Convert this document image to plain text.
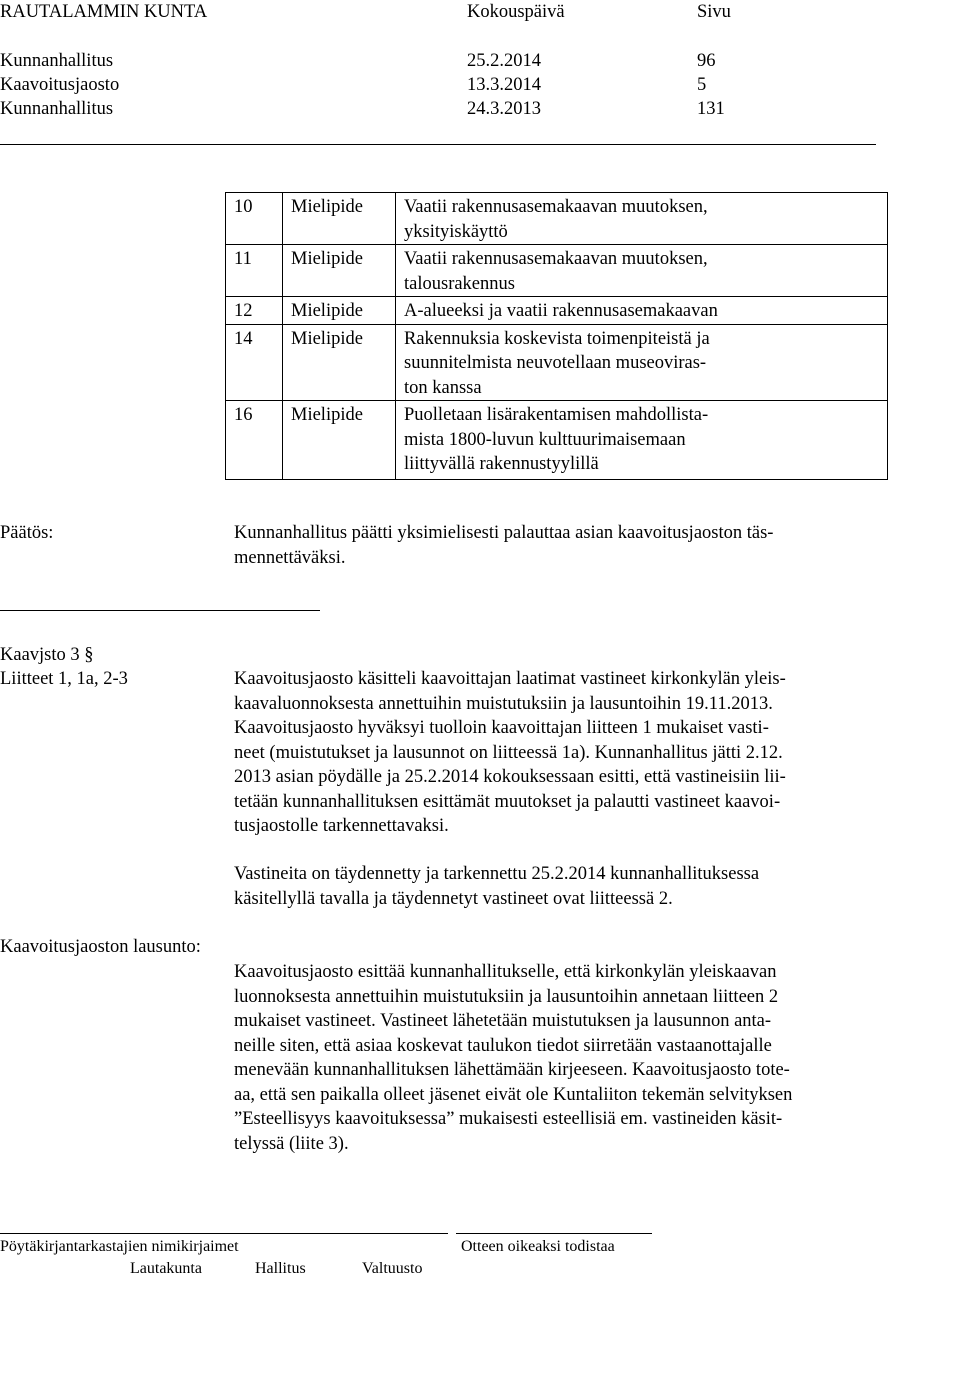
RAUTALAMMIN KUNTA	Kokouspäivä	Sivu
Kunnanhallitus	25.2.2014	96
Kaavoitusjaosto	13.3.2014	5
Kunnanhallitus	24.3.2013	131
10	Mielipide	Vaatii rakennusasemakaavan muutoksen,
yksityiskäyttö

11	Mielipide	Vaatii rakennusasemakaavan muutoksen,
talousrakennus

12	Mielipide	A-alueeksi ja vaatii rakennusasemakaavan

14	Mielipide	Rakennuksia koskevista toimenpiteistä ja
suunnitelmista neuvotellaan museoviras-
ton kanssa

16	Mielipide	Puolletaan lisärakentamisen mahdollista-
mista 1800-luvun kulttuurimaisemaan
liittyvällä rakennustyylillä
Päätös:	Kunnanhallitus päätti yksimielisesti palauttaa asian kaavoitusjaoston täs-
mennettäväksi.
Kaavjsto 3 §
Liitteet 1, 1a, 2-3	Kaavoitusjaosto käsitteli kaavoittajan laatimat vastineet kirkonkylän yleis-
kaavaluonnoksesta annettuihin muistutuksiin ja lausuntoihin 19.11.2013.
Kaavoitusjaosto hyväksyi tuolloin kaavoittajan liitteen 1 mukaiset vasti-
neet (muistutukset ja lausunnot on liitteessä 1a). Kunnanhallitus jätti 2.12.
2013 asian pöydälle ja 25.2.2014 kokouksessaan esitti, että vastineisiin lii-
tetään kunnanhallituksen esittämät muutokset ja palautti vastineet kaavoi-
tusjaostolle tarkennettavaksi.
Vastineita on täydennetty ja tarkennettu 25.2.2014 kunnanhallituksessa
käsitellyllä tavalla ja täydennetyt vastineet ovat liitteessä 2.
Kaavoitusjaoston lausunto:
Kaavoitusjaosto esittää kunnanhallitukselle, että kirkonkylän yleiskaavan
luonnoksesta annettuihin muistutuksiin ja lausuntoihin annetaan liitteen 2
mukaiset vastineet. Vastineet lähetetään muistutuksen ja lausunnon anta-
neille siten, että asiaa koskevat taulukon tiedot siirretään vastaanottajalle
menevään kunnanhallituksen lähettämään kirjeeseen. Kaavoitusjaosto tote-
aa, että sen paikalla olleet jäsenet eivät ole Kuntaliiton tekemän selvityksen
”Esteellisyys kaavoituksessa” mukaisesti esteellisiä em. vastineiden käsit-
telyssä (liite 3).
Pöytäkirjantarkastajien nimikirjaimet	Otteen oikeaksi todistaa
Lautakunta	Hallitus	Valtuusto
